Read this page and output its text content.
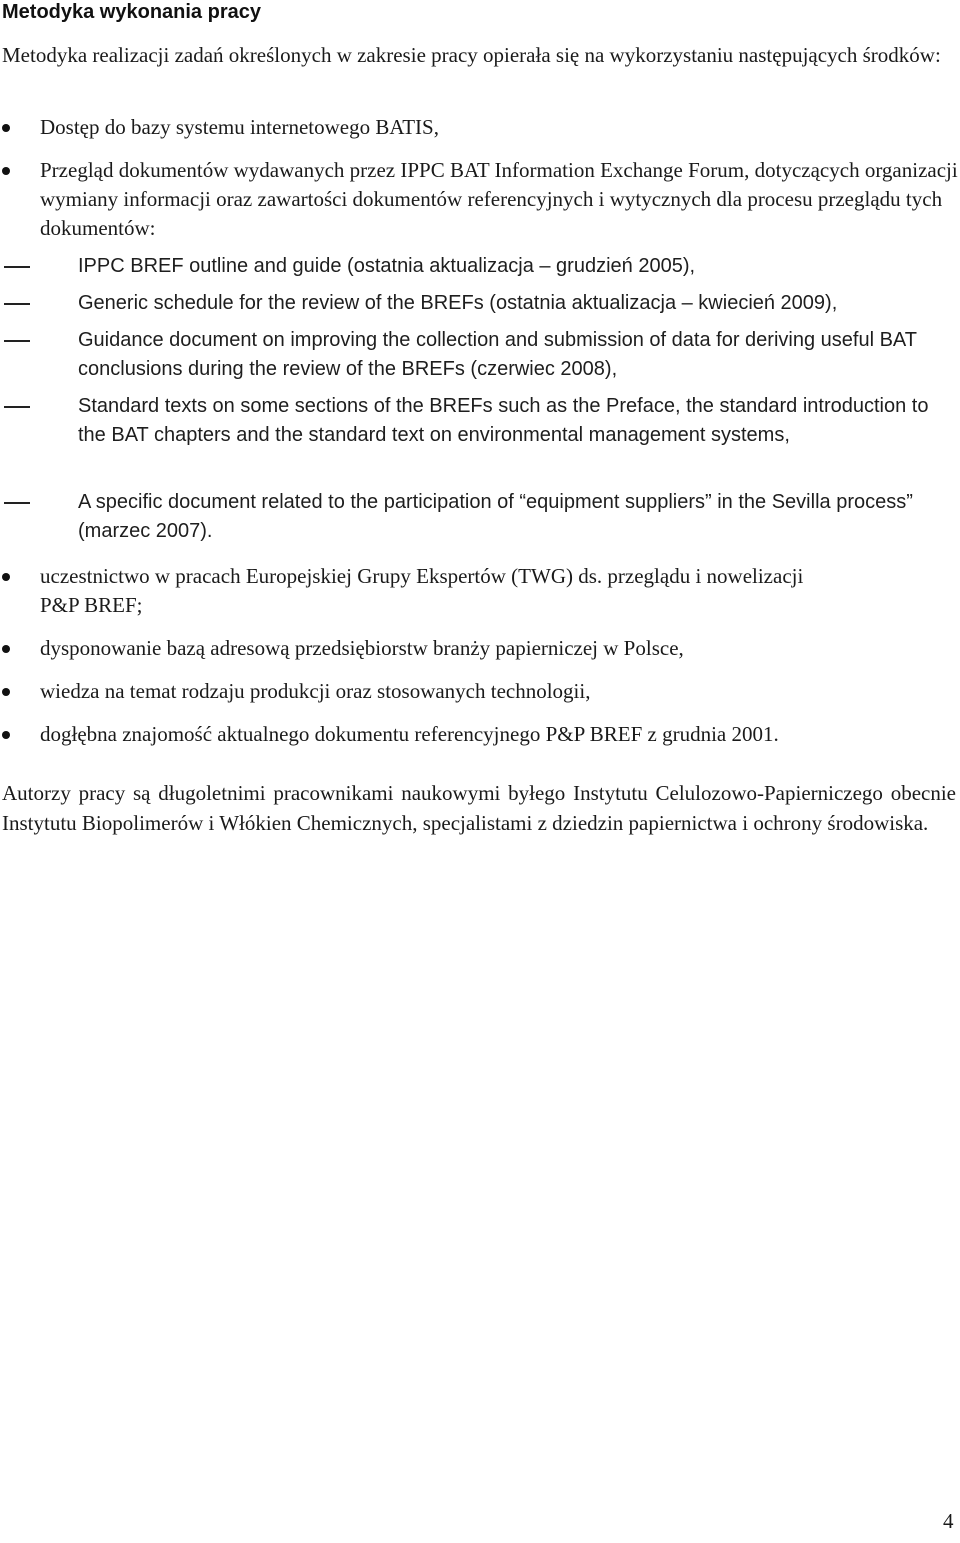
Metodyka wykonania pracy
Metodyka realizacji zadań określonych w zakresie pracy opierała się na wykorzystaniu następujących środków:
Dostęp do bazy systemu internetowego BATIS,
Przegląd dokumentów wydawanych przez IPPC BAT Information Exchange Forum, dotyczących organizacji wymiany informacji oraz zawartości dokumentów referencyjnych i wytycznych dla procesu przeglądu tych dokumentów:
IPPC BREF outline and guide (ostatnia aktualizacja – grudzień 2005),
Generic schedule for the review of the BREFs (ostatnia aktualizacja – kwiecień 2009),
Guidance document on improving the collection and submission of data for deriving useful BAT conclusions during the review of the BREFs (czerwiec 2008),
Standard texts on some sections of the BREFs such as the Preface, the standard introduction to the BAT chapters and the standard text on environmental management systems,
A specific document related to the participation of “equipment suppliers” in the Sevilla process” (marzec 2007).
uczestnictwo w pracach Europejskiej Grupy Ekspertów (TWG) ds. przeglądu i nowelizacji P&P BREF;
dysponowanie bazą adresową przedsiębiorstw branży papierniczej w Polsce,
wiedza na temat rodzaju produkcji oraz stosowanych technologii,
dogłębna znajomość aktualnego dokumentu referencyjnego P&P BREF z grudnia 2001.
Autorzy pracy są długoletnimi pracownikami naukowymi byłego Instytutu Celulozowo-Papierniczego obecnie Instytutu Biopolimerów i Włókien Chemicznych, specjalistami z dziedzin papiernictwa i ochrony środowiska.
4
